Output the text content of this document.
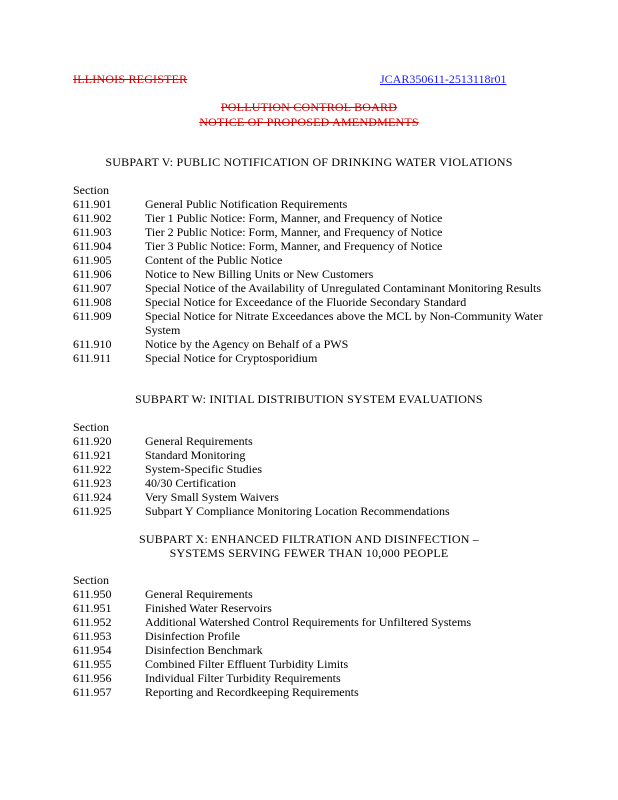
ILLINOIS REGISTER	JCAR350611-2513118r01
POLLUTION CONTROL BOARD
NOTICE OF PROPOSED AMENDMENTS
SUBPART V: PUBLIC NOTIFICATION OF DRINKING WATER VIOLATIONS
Section
611.901	General Public Notification Requirements
611.902	Tier 1 Public Notice: Form, Manner, and Frequency of Notice
611.903	Tier 2 Public Notice: Form, Manner, and Frequency of Notice
611.904	Tier 3 Public Notice: Form, Manner, and Frequency of Notice
611.905	Content of the Public Notice
611.906	Notice to New Billing Units or New Customers
611.907	Special Notice of the Availability of Unregulated Contaminant Monitoring Results
611.908	Special Notice for Exceedance of the Fluoride Secondary Standard
611.909	Special Notice for Nitrate Exceedances above the MCL by Non-Community Water System
611.910	Notice by the Agency on Behalf of a PWS
611.911	Special Notice for Cryptosporidium
SUBPART W: INITIAL DISTRIBUTION SYSTEM EVALUATIONS
Section
611.920	General Requirements
611.921	Standard Monitoring
611.922	System-Specific Studies
611.923	40/30 Certification
611.924	Very Small System Waivers
611.925	Subpart Y Compliance Monitoring Location Recommendations
SUBPART X: ENHANCED FILTRATION AND DISINFECTION –
SYSTEMS SERVING FEWER THAN 10,000 PEOPLE
Section
611.950	General Requirements
611.951	Finished Water Reservoirs
611.952	Additional Watershed Control Requirements for Unfiltered Systems
611.953	Disinfection Profile
611.954	Disinfection Benchmark
611.955	Combined Filter Effluent Turbidity Limits
611.956	Individual Filter Turbidity Requirements
611.957	Reporting and Recordkeeping Requirements
